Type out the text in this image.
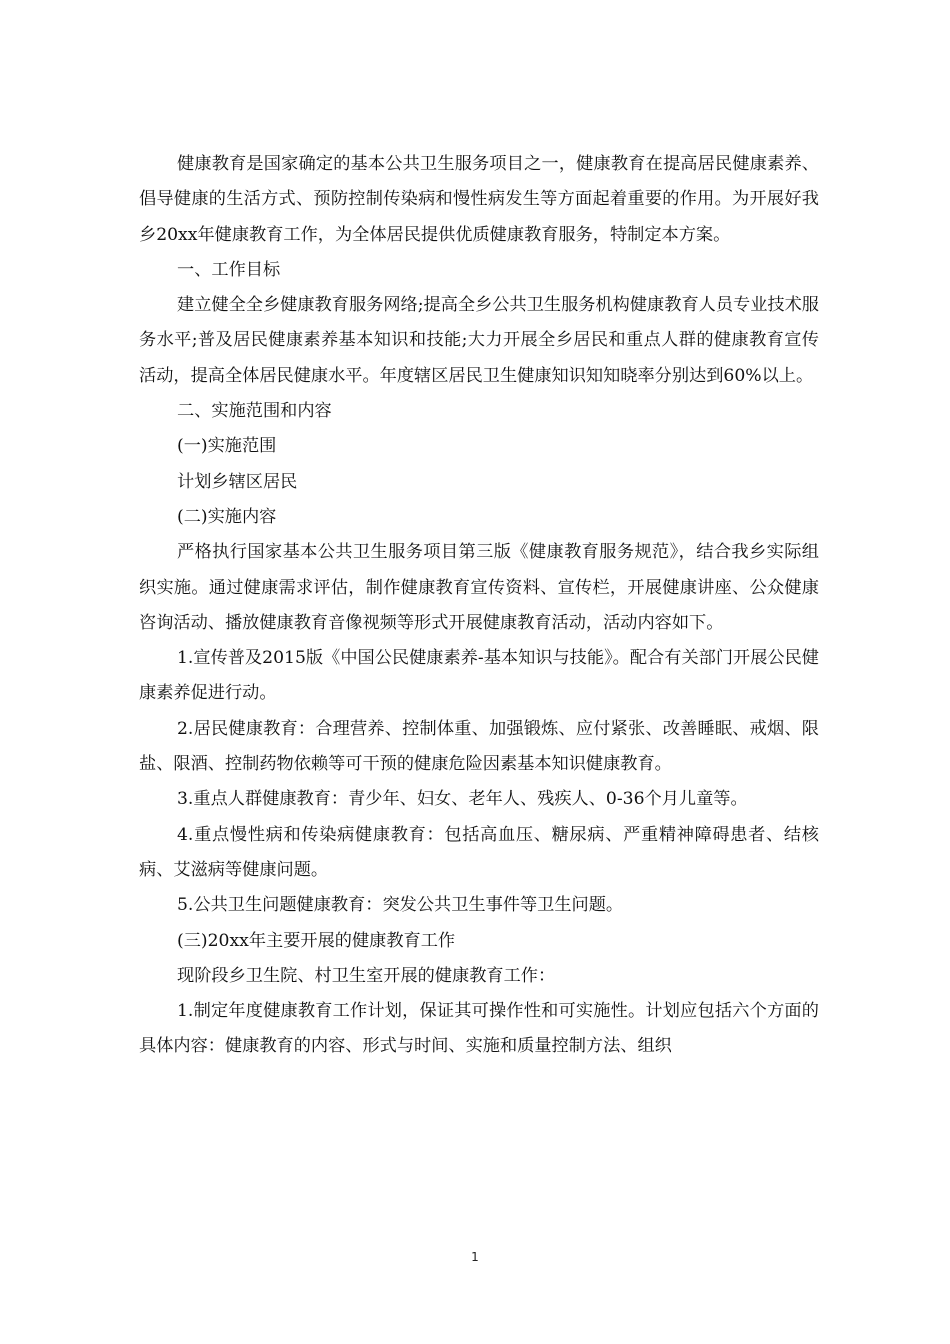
健康教育是国家确定的基本公共卫生服务项目之一，健康教育在提高居民健康素养、倡导健康的生活方式、预防控制传染病和慢性病发生等方面起着重要的作用。为开展好我乡20xx年健康教育工作，为全体居民提供优质健康教育服务，特制定本方案。

一、工作目标

建立健全全乡健康教育服务网络;提高全乡公共卫生服务机构健康教育人员专业技术服务水平;普及居民健康素养基本知识和技能;大力开展全乡居民和重点人群的健康教育宣传活动，提高全体居民健康水平。年度辖区居民卫生健康知识知知晓率分别达到60%以上。

二、实施范围和内容

(一)实施范围

计划乡辖区居民

(二)实施内容

严格执行国家基本公共卫生服务项目第三版《健康教育服务规范》，结合我乡实际组织实施。通过健康需求评估，制作健康教育宣传资料、宣传栏，开展健康讲座、公众健康咨询活动、播放健康教育音像视频等形式开展健康教育活动，活动内容如下。

1.宣传普及2015版《中国公民健康素养-基本知识与技能》。配合有关部门开展公民健康素养促进行动。

2.居民健康教育：合理营养、控制体重、加强锻炼、应付紧张、改善睡眠、戒烟、限盐、限酒、控制药物依赖等可干预的健康危险因素基本知识健康教育。

3.重点人群健康教育：青少年、妇女、老年人、残疾人、0-36个月儿童等。

4.重点慢性病和传染病健康教育：包括高血压、糖尿病、严重精神障碍患者、结核病、艾滋病等健康问题。

5.公共卫生问题健康教育：突发公共卫生事件等卫生问题。

(三)20xx年主要开展的健康教育工作

现阶段乡卫生院、村卫生室开展的健康教育工作：

1.制定年度健康教育工作计划，保证其可操作性和可实施性。计划应包括六个方面的具体内容：健康教育的内容、形式与时间、实施和质量控制方法、组织

1
